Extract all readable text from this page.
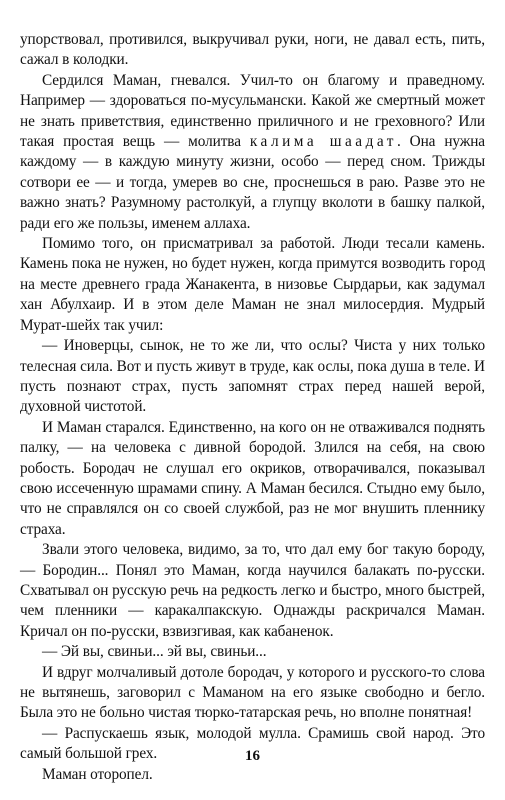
упорствовал, противился, выкручивал руки, ноги, не давал есть, пить, сажал в колодки.

Сердился Маман, гневался. Учил-то он благому и праведному. Например — здороваться по-мусульмански. Какой же смертный может не знать приветствия, единственно приличного и не греховного? Или такая простая вещь — молитва калима шаадат. Она нужна каждому — в каждую минуту жизни, особо — перед сном. Трижды сотвори ее — и тогда, умерев во сне, проснешься в раю. Разве это не важно знать? Разумному растолкуй, а глупцу вколоти в башку палкой, ради его же пользы, именем аллаха.

Помимо того, он присматривал за работой. Люди тесали камень. Камень пока не нужен, но будет нужен, когда примутся возводить город на месте древнего града Жанакента, в низовье Сырдарьи, как задумал хан Абулхаир. И в этом деле Маман не знал милосердия. Мудрый Мурат-шейх так учил:

— Иноверцы, сынок, не то же ли, что ослы? Чиста у них только телесная сила. Вот и пусть живут в труде, как ослы, пока душа в теле. И пусть познают страх, пусть запомнят страх перед нашей верой, духовной чистотой.

И Маман старался. Единственно, на кого он не отваживался поднять палку, — на человека с дивной бородой. Злился на себя, на свою робость. Бородач не слушал его окриков, отворачивался, показывал свою иссеченную шрамами спину. А Маман бесился. Стыдно ему было, что не справлялся он со своей службой, раз не мог внушить пленнику страха.

Звали этого человека, видимо, за то, что дал ему бог такую бороду, — Бородин... Понял это Маман, когда научился балакать по-русски. Схватывал он русскую речь на редкость легко и быстро, много быстрей, чем пленники — каракалпакскую. Однажды раскричался Маман. Кричал он по-русски, взвизгивая, как кабаненок.

— Эй вы, свиньи... эй вы, свиньи...

И вдруг молчаливый дотоле бородач, у которого и русского-то слова не вытянешь, заговорил с Маманом на его языке свободно и бегло. Была это не больно чистая тюрко-татарская речь, но вполне понятная!

— Распускаешь язык, молодой мулла. Срамишь свой народ. Это самый большой грех.

Маман оторопел.

16
